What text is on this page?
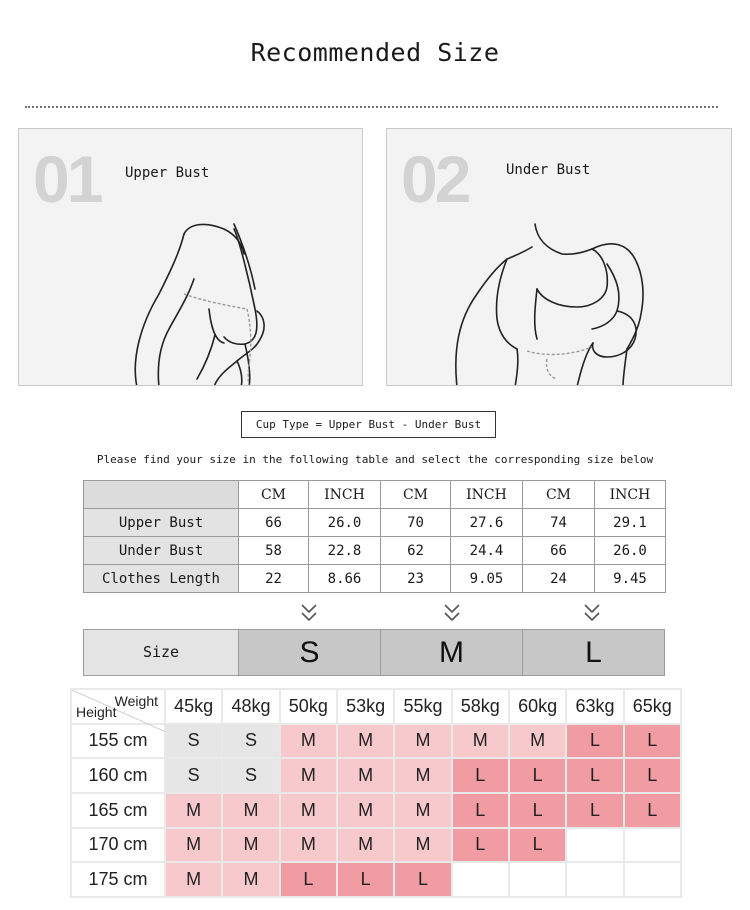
Recommended Size
01 Upper Bust	02	Under Bust
Cup Type = Upper Bust - Under Bust
Please find your size in the following table and select the corresponding size below
	CM	INCH	CM	INCH	CM	INCH
Upper Bust	66	26.0	70	27.6	74	29.1
Under Bust	58	22.8	62	24.4	66	26.0
Clothes Length	22	8.66	23	9.05	24	9.45
Size	S	M	L
Weight
Height	45kg	48kg	50kg	53kg	55kg	58kg	60kg	63kg	65kg
155 cm	S	S	M	M	M	M	M	L	L
160 cm	S	S	M	M	M	L	L	L	L
165 cm	M	M	M	M	M	L	L	L	L
170 cm	M	M	M	M	M	L	L		
175 cm	M	M	L	L	L				
